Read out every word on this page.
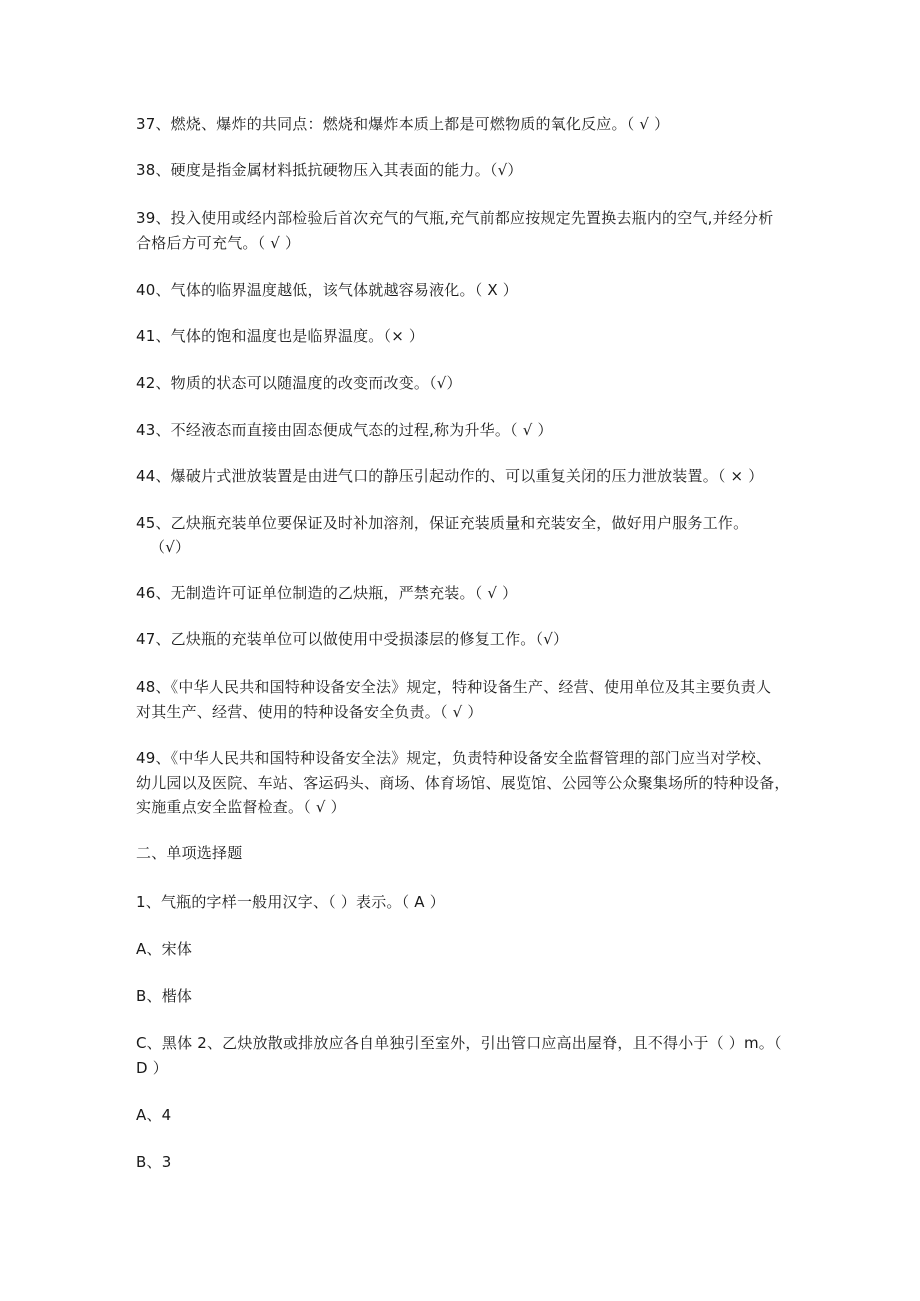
37、燃烧、爆炸的共同点：燃烧和爆炸本质上都是可燃物质的氧化反应。（ √ ）
38、硬度是指金属材料抵抗硬物压入其表面的能力。（√）
39、投入使用或经内部检验后首次充气的气瓶,充气前都应按规定先置换去瓶内的空气,并经分析
合格后方可充气。（ √ ）
40、气体的临界温度越低，该气体就越容易液化。（ X ）
41、气体的饱和温度也是临界温度。（× ）
42、物质的状态可以随温度的改变而改变。（√）
43、不经液态而直接由固态便成气态的过程,称为升华。（ √ ）
44、爆破片式泄放装置是由进气口的静压引起动作的、可以重复关闭的压力泄放装置。（ × ）
45、乙炔瓶充装单位要保证及时补加溶剂，保证充装质量和充装安全，做好用户服务工作。
（√）
46、无制造许可证单位制造的乙炔瓶，严禁充装。（ √ ）
47、乙炔瓶的充装单位可以做使用中受损漆层的修复工作。（√）
48、《中华人民共和国特种设备安全法》规定，特种设备生产、经营、使用单位及其主要负责人
对其生产、经营、使用的特种设备安全负责。（ √ ）
49、《中华人民共和国特种设备安全法》规定，负责特种设备安全监督管理的部门应当对学校、
幼儿园以及医院、车站、客运码头、商场、体育场馆、展览馆、公园等公众聚集场所的特种设备，
实施重点安全监督检查。（ √ ）
二、单项选择题
1、气瓶的字样一般用汉字、（ ）表示。（ A ）
A、宋体
B、楷体
C、黑体 2、乙炔放散或排放应各自单独引至室外，引出管口应高出屋脊，且不得小于（ ）m。（
D ）
A、4
B、3
